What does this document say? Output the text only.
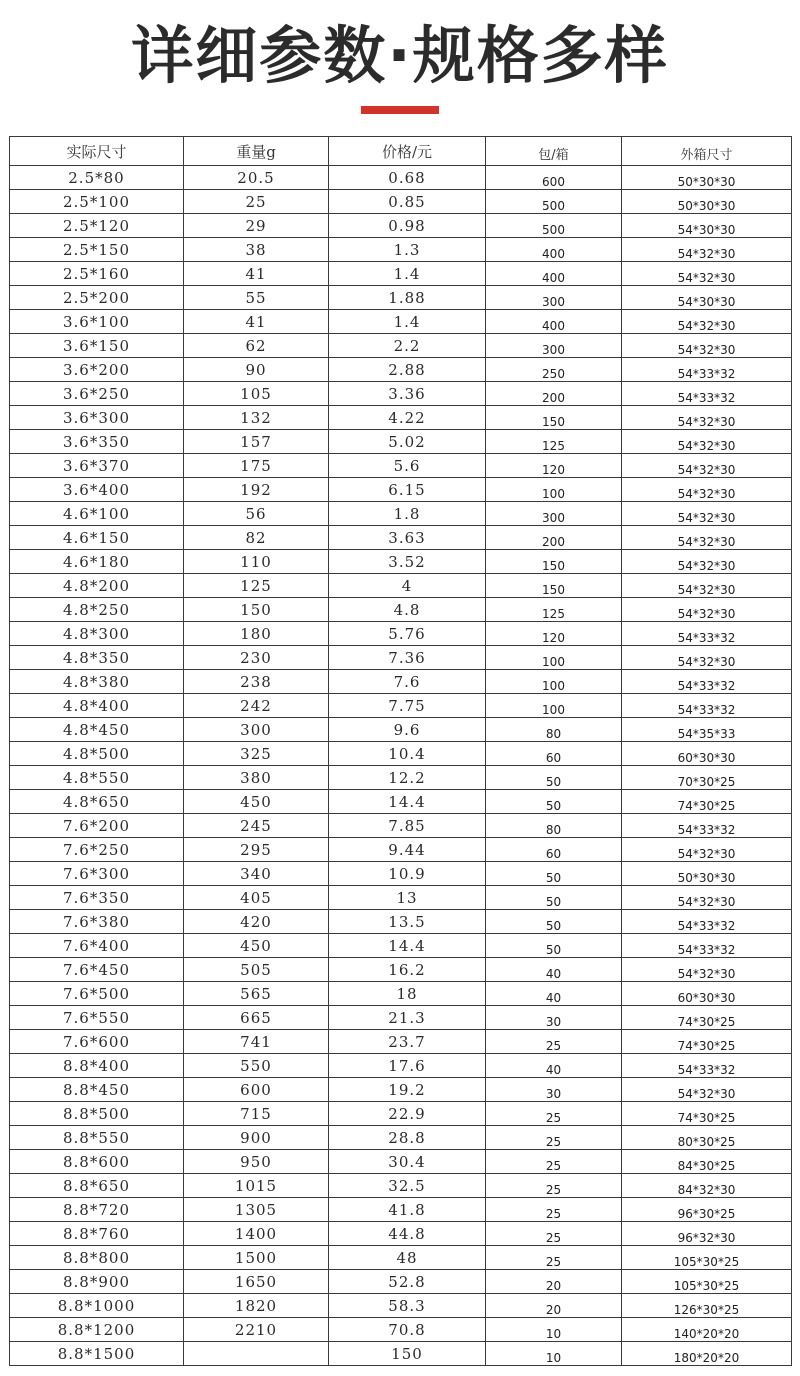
详细参数·规格多样
实际尺寸	重量g	价格/元	包/箱	外箱尺寸
2.5*80	20.5	0.68	600	50*30*30
2.5*100	25	0.85	500	50*30*30
2.5*120	29	0.98	500	54*30*30
2.5*150	38	1.3	400	54*32*30
2.5*160	41	1.4	400	54*32*30
2.5*200	55	1.88	300	54*30*30
3.6*100	41	1.4	400	54*32*30
3.6*150	62	2.2	300	54*32*30
3.6*200	90	2.88	250	54*33*32
3.6*250	105	3.36	200	54*33*32
3.6*300	132	4.22	150	54*32*30
3.6*350	157	5.02	125	54*32*30
3.6*370	175	5.6	120	54*32*30
3.6*400	192	6.15	100	54*32*30
4.6*100	56	1.8	300	54*32*30
4.6*150	82	3.63	200	54*32*30
4.6*180	110	3.52	150	54*32*30
4.8*200	125	4	150	54*32*30
4.8*250	150	4.8	125	54*32*30
4.8*300	180	5.76	120	54*33*32
4.8*350	230	7.36	100	54*32*30
4.8*380	238	7.6	100	54*33*32
4.8*400	242	7.75	100	54*33*32
4.8*450	300	9.6	80	54*35*33
4.8*500	325	10.4	60	60*30*30
4.8*550	380	12.2	50	70*30*25
4.8*650	450	14.4	50	74*30*25
7.6*200	245	7.85	80	54*33*32
7.6*250	295	9.44	60	54*32*30
7.6*300	340	10.9	50	50*30*30
7.6*350	405	13	50	54*32*30
7.6*380	420	13.5	50	54*33*32
7.6*400	450	14.4	50	54*33*32
7.6*450	505	16.2	40	54*32*30
7.6*500	565	18	40	60*30*30
7.6*550	665	21.3	30	74*30*25
7.6*600	741	23.7	25	74*30*25
8.8*400	550	17.6	40	54*33*32
8.8*450	600	19.2	30	54*32*30
8.8*500	715	22.9	25	74*30*25
8.8*550	900	28.8	25	80*30*25
8.8*600	950	30.4	25	84*30*25
8.8*650	1015	32.5	25	84*32*30
8.8*720	1305	41.8	25	96*30*25
8.8*760	1400	44.8	25	96*32*30
8.8*800	1500	48	25	105*30*25
8.8*900	1650	52.8	20	105*30*25
8.8*1000	1820	58.3	20	126*30*25
8.8*1200	2210	70.8	10	140*20*20
8.8*1500		150	10	180*20*20
